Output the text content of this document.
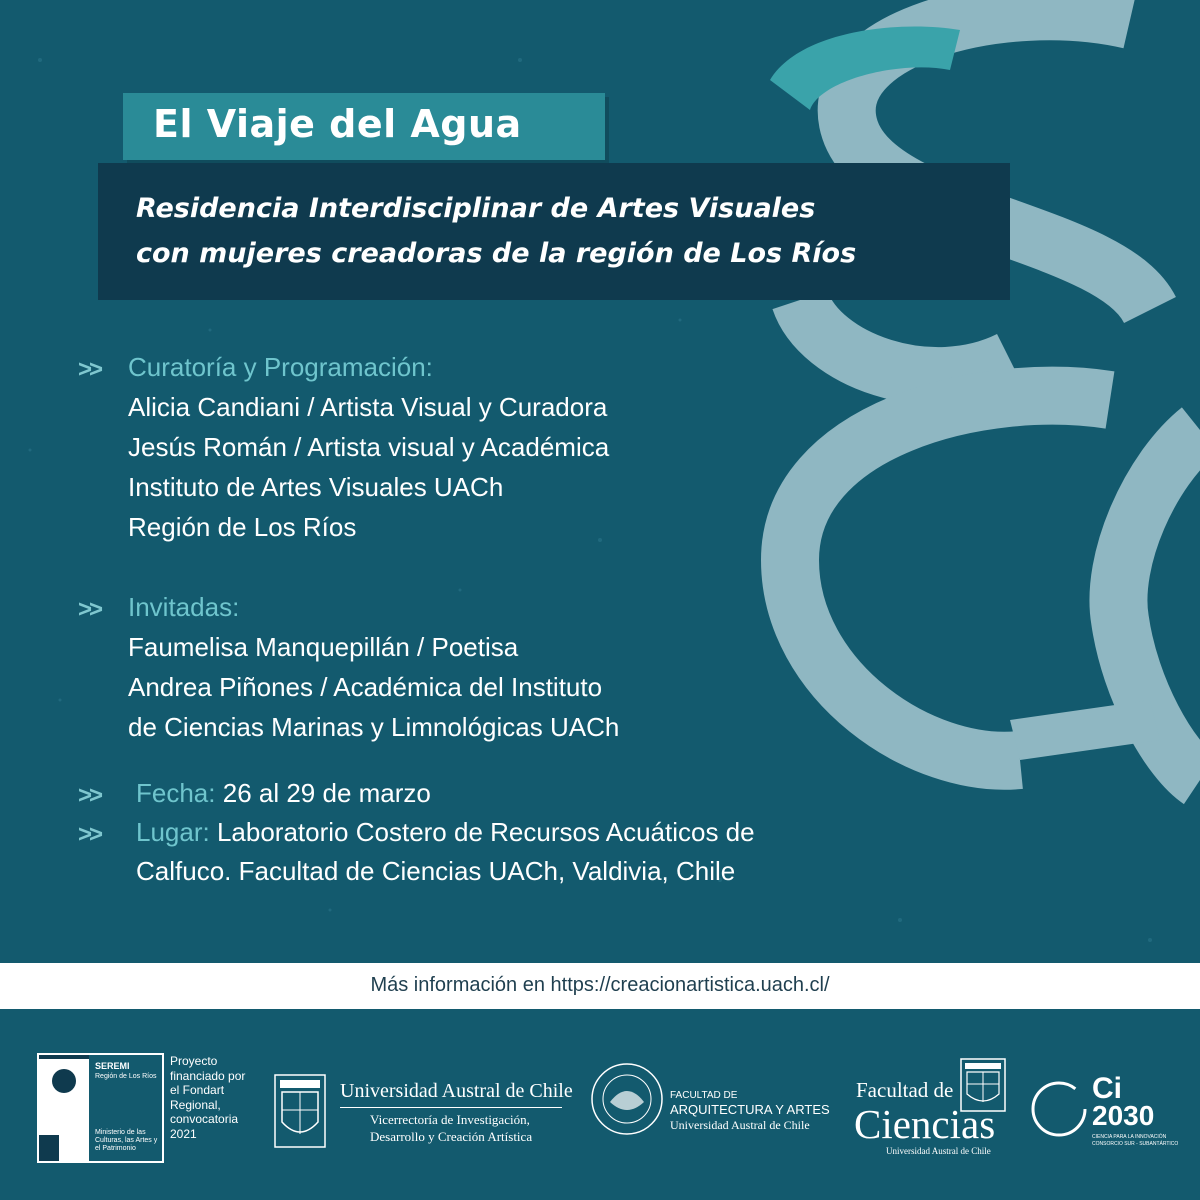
El Viaje del Agua
Residencia Interdisciplinar de Artes Visuales
con mujeres creadoras de la región de Los Ríos
>> Curatoría y Programación:
Alicia Candiani / Artista Visual y Curadora
Jesús Román / Artista visual y Académica
Instituto de Artes Visuales UACh
Región de Los Ríos
>> Invitadas:
Faumelisa Manquepillán / Poetisa
Andrea Piñones / Académica del Instituto
de Ciencias Marinas y Limnológicas UACh
>> Fecha: 26 al 29 de marzo
>> Lugar: Laboratorio Costero de Recursos Acuáticos de
Calfuco. Facultad de Ciencias UACh, Valdivia, Chile
Más información en https://creacionartistica.uach.cl/
SEREMI
Región de Los Ríos
Ministerio de las Culturas, las Artes y el Patrimonio
Proyecto
financiado por
el Fondart
Regional,
convocatoria
2021
Universidad Austral de Chile
Vicerrectoría de Investigación,
Desarrollo y Creación Artística
FACULTAD DE
ARQUITECTURA Y ARTES
Universidad Austral de Chile
Facultad de
Ciencias
Universidad Austral de Chile
Ci
2030
CIENCIA PARA LA INNOVACIÓN
CONSORCIO SUR - SUBANTÁRTICO
